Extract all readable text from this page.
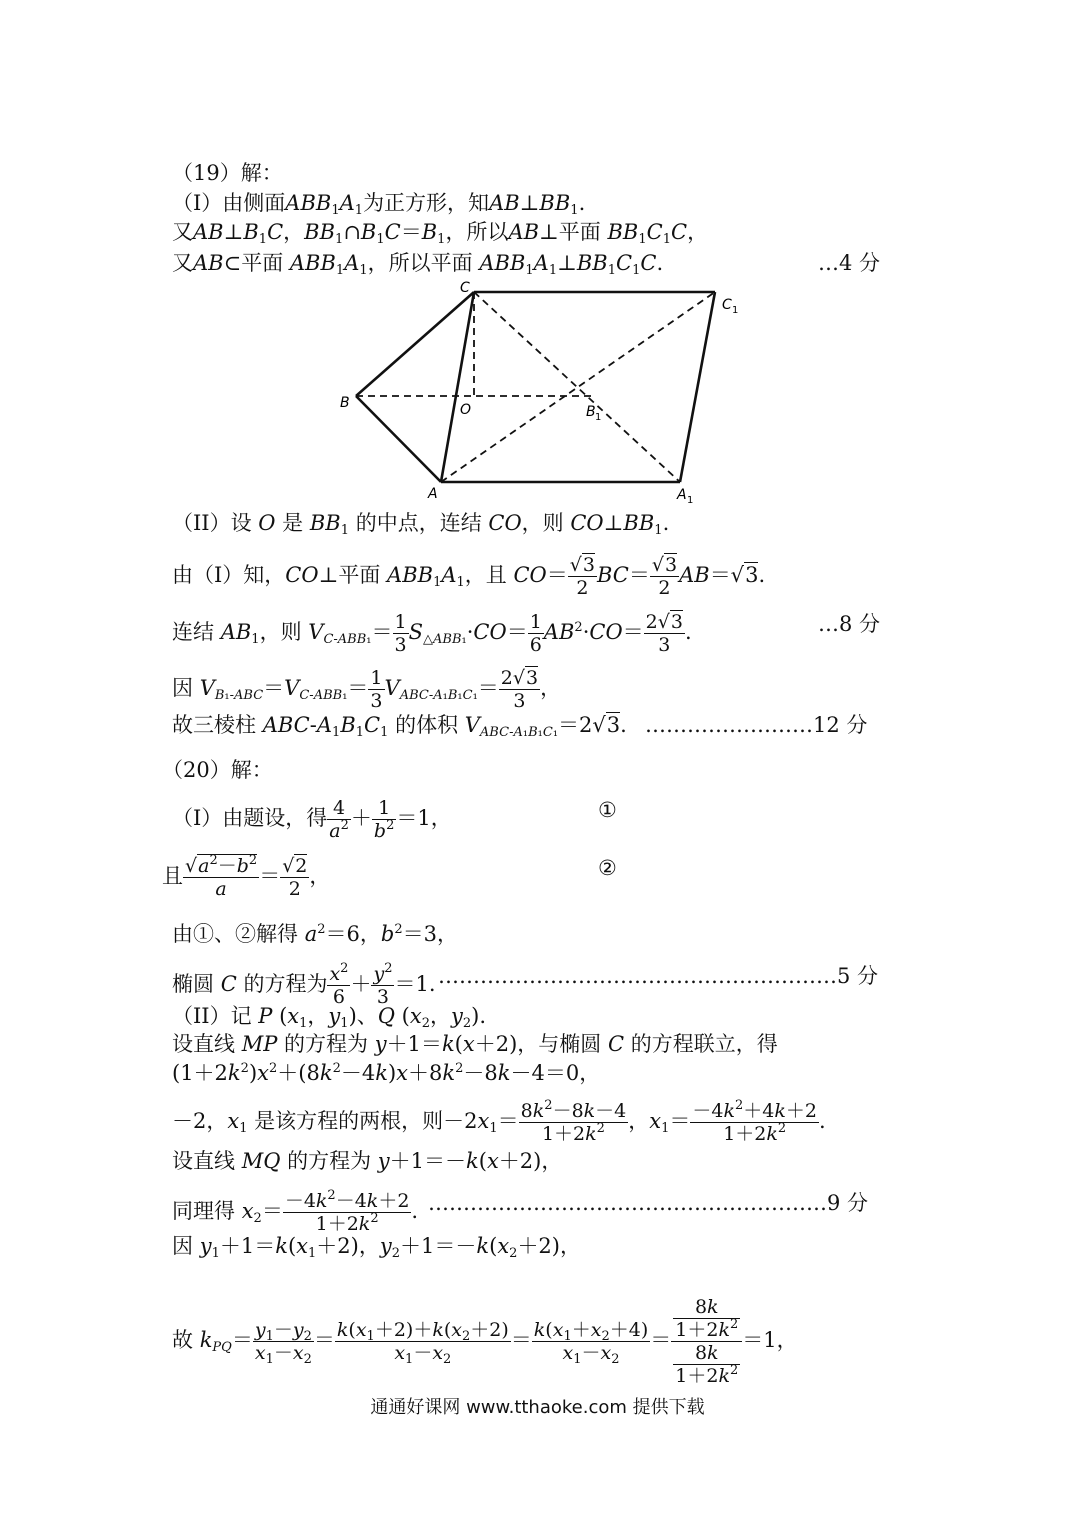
（19）解：
（I）由侧面$ABB_1A_1$为正方形，知$AB\perp BB_1$.
又$AB\perp B_1C$，$BB_1\cap B_1C=B_1$，所以AB⊥平面 $BB_1C_1C$，
又AB⊂平面 $ABB_1A_1$，所以平面 $ABB_1A_1\perp BB_1C_1C$.	…4 分
C
C 1
B	O	B 1
A	A 1
（II）设 O 是 $BB_1$ 的中点，连结 CO，则 $CO\perp BB_1$.
由（I）知，CO⊥平面 $ABB_1A_1$，且 $CO= \frac{√3}{2} BC= \frac{√3}{2} AB=√3$.
连结 $AB_1$，则 $V_{C-ABB_1}= \frac{1}{3} S_{\triangle ABB_1}\cdot CO= \frac{1}{6} AB^2\cdot CO= \frac{2√3}{3}$ .	…8 分
因 $V_{B_1-ABC}=V_{C-ABB_1}= \frac{1}{3} V_{ABC-A_1B_1C_1}= \frac{2√3}{3}$ ，
故三棱柱 ABC-$A_1B_1C_1$ 的体积 $V_{ABC-A_1B_1C_1}=2√3$. ……………………12 分
（20）解：
（I）由题设，得 $\frac{4}{a^2} + \frac{1}{b^2} =1$，	①
且 $\frac{√a^2-b^2}{a} = \frac{√2}{2}$ ，	②
由①、②解得 $a^2=6$，$b^2=3$，
椭圆 C 的方程为 $\frac{x^2}{6} + \frac{y^2}{3} =1$. …………………………………………………5 分
（II）记 P ($x_1$，$y_1$)、Q ($x_2$，$y_2$).
设直线 MP 的方程为 y＋1＝k(x＋2)，与椭圆 C 的方程联立，得
$(1+2k^2)x^2+(8k^2-4k)x+8k^2-8k-4=0$，
－2，$x_1$ 是该方程的两根，则$-2x_1= \frac{8k^2-8k-4}{1+2k^2}$ ，$x_1= \frac{-4k^2+4k+2}{1+2k^2}$ .
设直线 MQ 的方程为 y＋1＝－k(x＋2)，
同理得 $x_2= \frac{-4k^2-4k+2}{1+2k^2}$ . …………………………………………………9 分
因 $y_1+1=k(x_1+2)$，$y_2+1=-k(x_2+2)$，
故 $k_{PQ}= \frac{y_1-y_2}{x_1-x_2} = \frac{k(x_1+2)+k(x_2+2)}{x_1-x_2} = \frac{k(x_1+x_2+4)}{x_1-x_2} = 8k$
$1+2k^2$
8k
$1+2k^2 =1$，
通通好课网 www.tthaoke.com 提供下载
